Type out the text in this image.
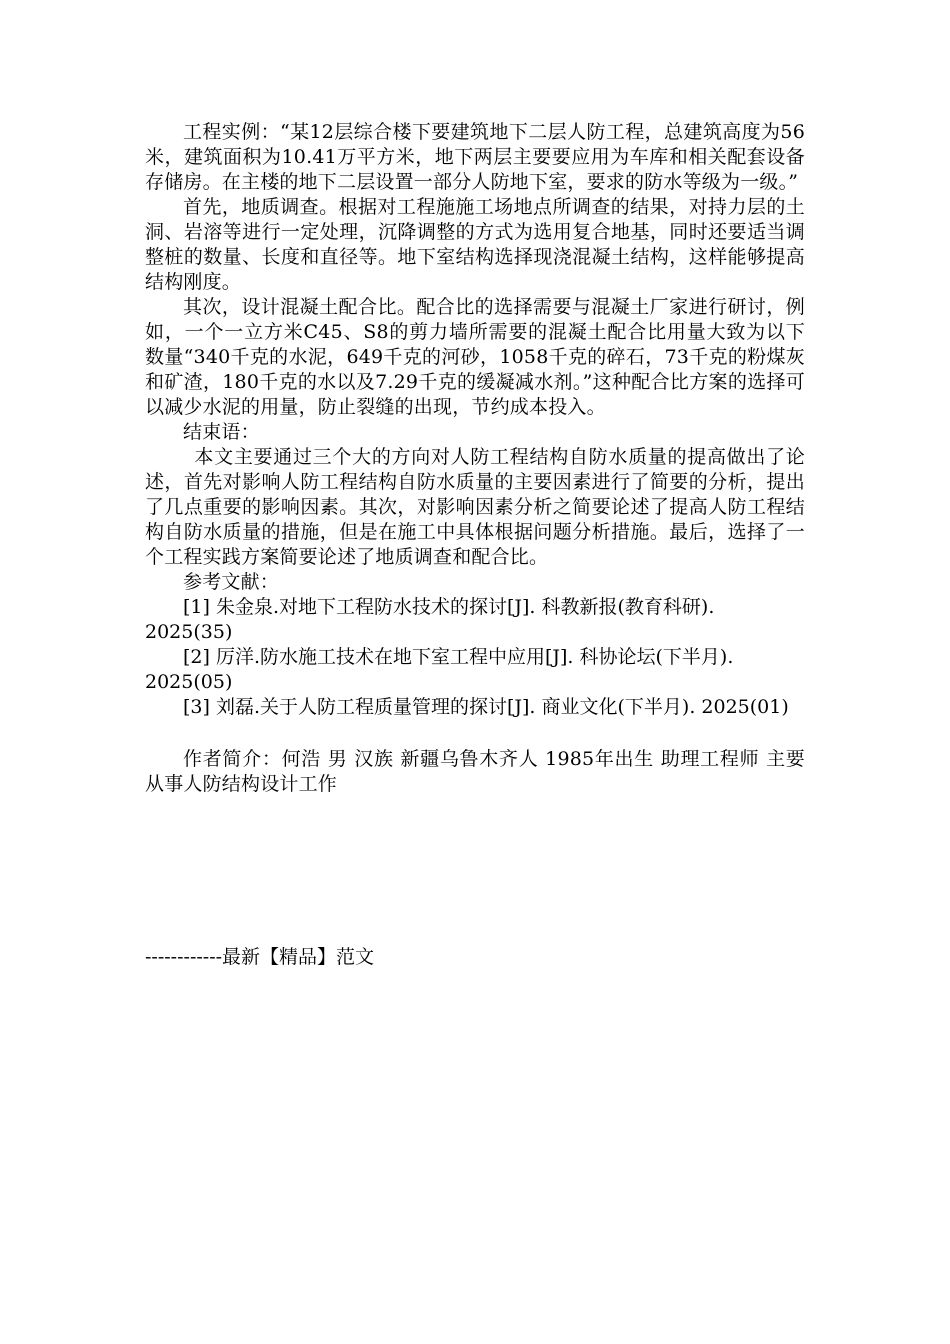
工程实例：“某12层综合楼下要建筑地下二层人防工程，总建筑高度为56米，建筑面积为10.41万平方米，地下两层主要要应用为车库和相关配套设备存储房。在主楼的地下二层设置一部分人防地下室，要求的防水等级为一级。”

首先，地质调查。根据对工程施施工场地点所调查的结果，对持力层的土洞、岩溶等进行一定处理，沉降调整的方式为选用复合地基，同时还要适当调整桩的数量、长度和直径等。地下室结构选择现浇混凝土结构，这样能够提高结构刚度。

其次，设计混凝土配合比。配合比的选择需要与混凝土厂家进行研讨，例如，一个一立方米C45、S8的剪力墙所需要的混凝土配合比用量大致为以下数量“340千克的水泥，649千克的河砂，1058千克的碎石，73千克的粉煤灰和矿渣，180千克的水以及7.29千克的缓凝减水剂。”这种配合比方案的选择可以减少水泥的用量，防止裂缝的出现，节约成本投入。

结束语：

本文主要通过三个大的方向对人防工程结构自防水质量的提高做出了论述，首先对影响人防工程结构自防水质量的主要因素进行了简要的分析，提出了几点重要的影响因素。其次，对影响因素分析之简要论述了提高人防工程结构自防水质量的措施，但是在施工中具体根据问题分析措施。最后，选择了一个工程实践方案简要论述了地质调查和配合比。

参考文献：

[1] 朱金泉.对地下工程防水技术的探讨[J]. 科教新报(教育科研). 2025(35)

[2] 厉洋.防水施工技术在地下室工程中应用[J]. 科协论坛(下半月). 2025(05)

[3] 刘磊.关于人防工程质量管理的探讨[J]. 商业文化(下半月). 2025(01)

作者简介：何浩 男 汉族 新疆乌鲁木齐人 1985年出生 助理工程师 主要从事人防结构设计工作

------------最新【精品】范文
